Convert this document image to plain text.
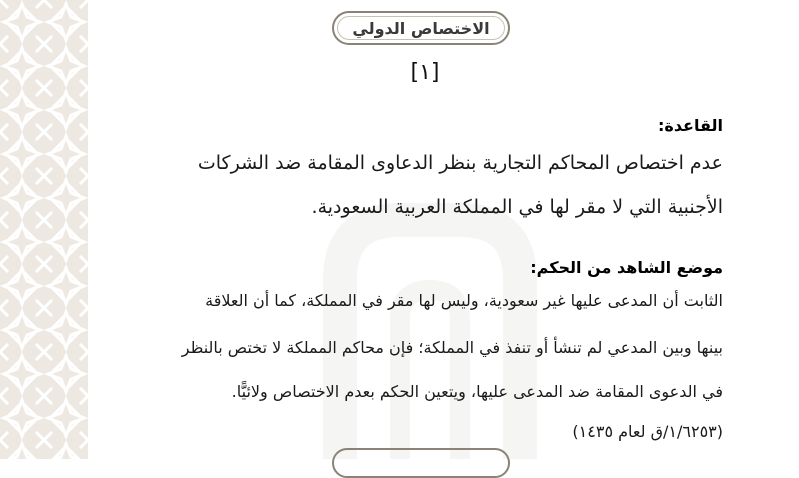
الاختصاص الدولي
[١]
القاعدة:
عدم اختصاص المحاكم التجارية بنظر الدعاوى المقامة ضد الشركات
الأجنبية التي لا مقر لها في المملكة العربية السعودية.
موضع الشاهد من الحكم:
الثابت أن المدعى عليها غير سعودية، وليس لها مقر في المملكة، كما أن العلاقة
بينها وبين المدعي لم تنشأ أو تنفذ في المملكة؛ فإن محاكم المملكة لا تختص بالنظر
في الدعوى المقامة ضد المدعى عليها، ويتعين الحكم بعدم الاختصاص ولائيًّا.
(١/٦٢٥٣/ق لعام ١٤٣٥)
